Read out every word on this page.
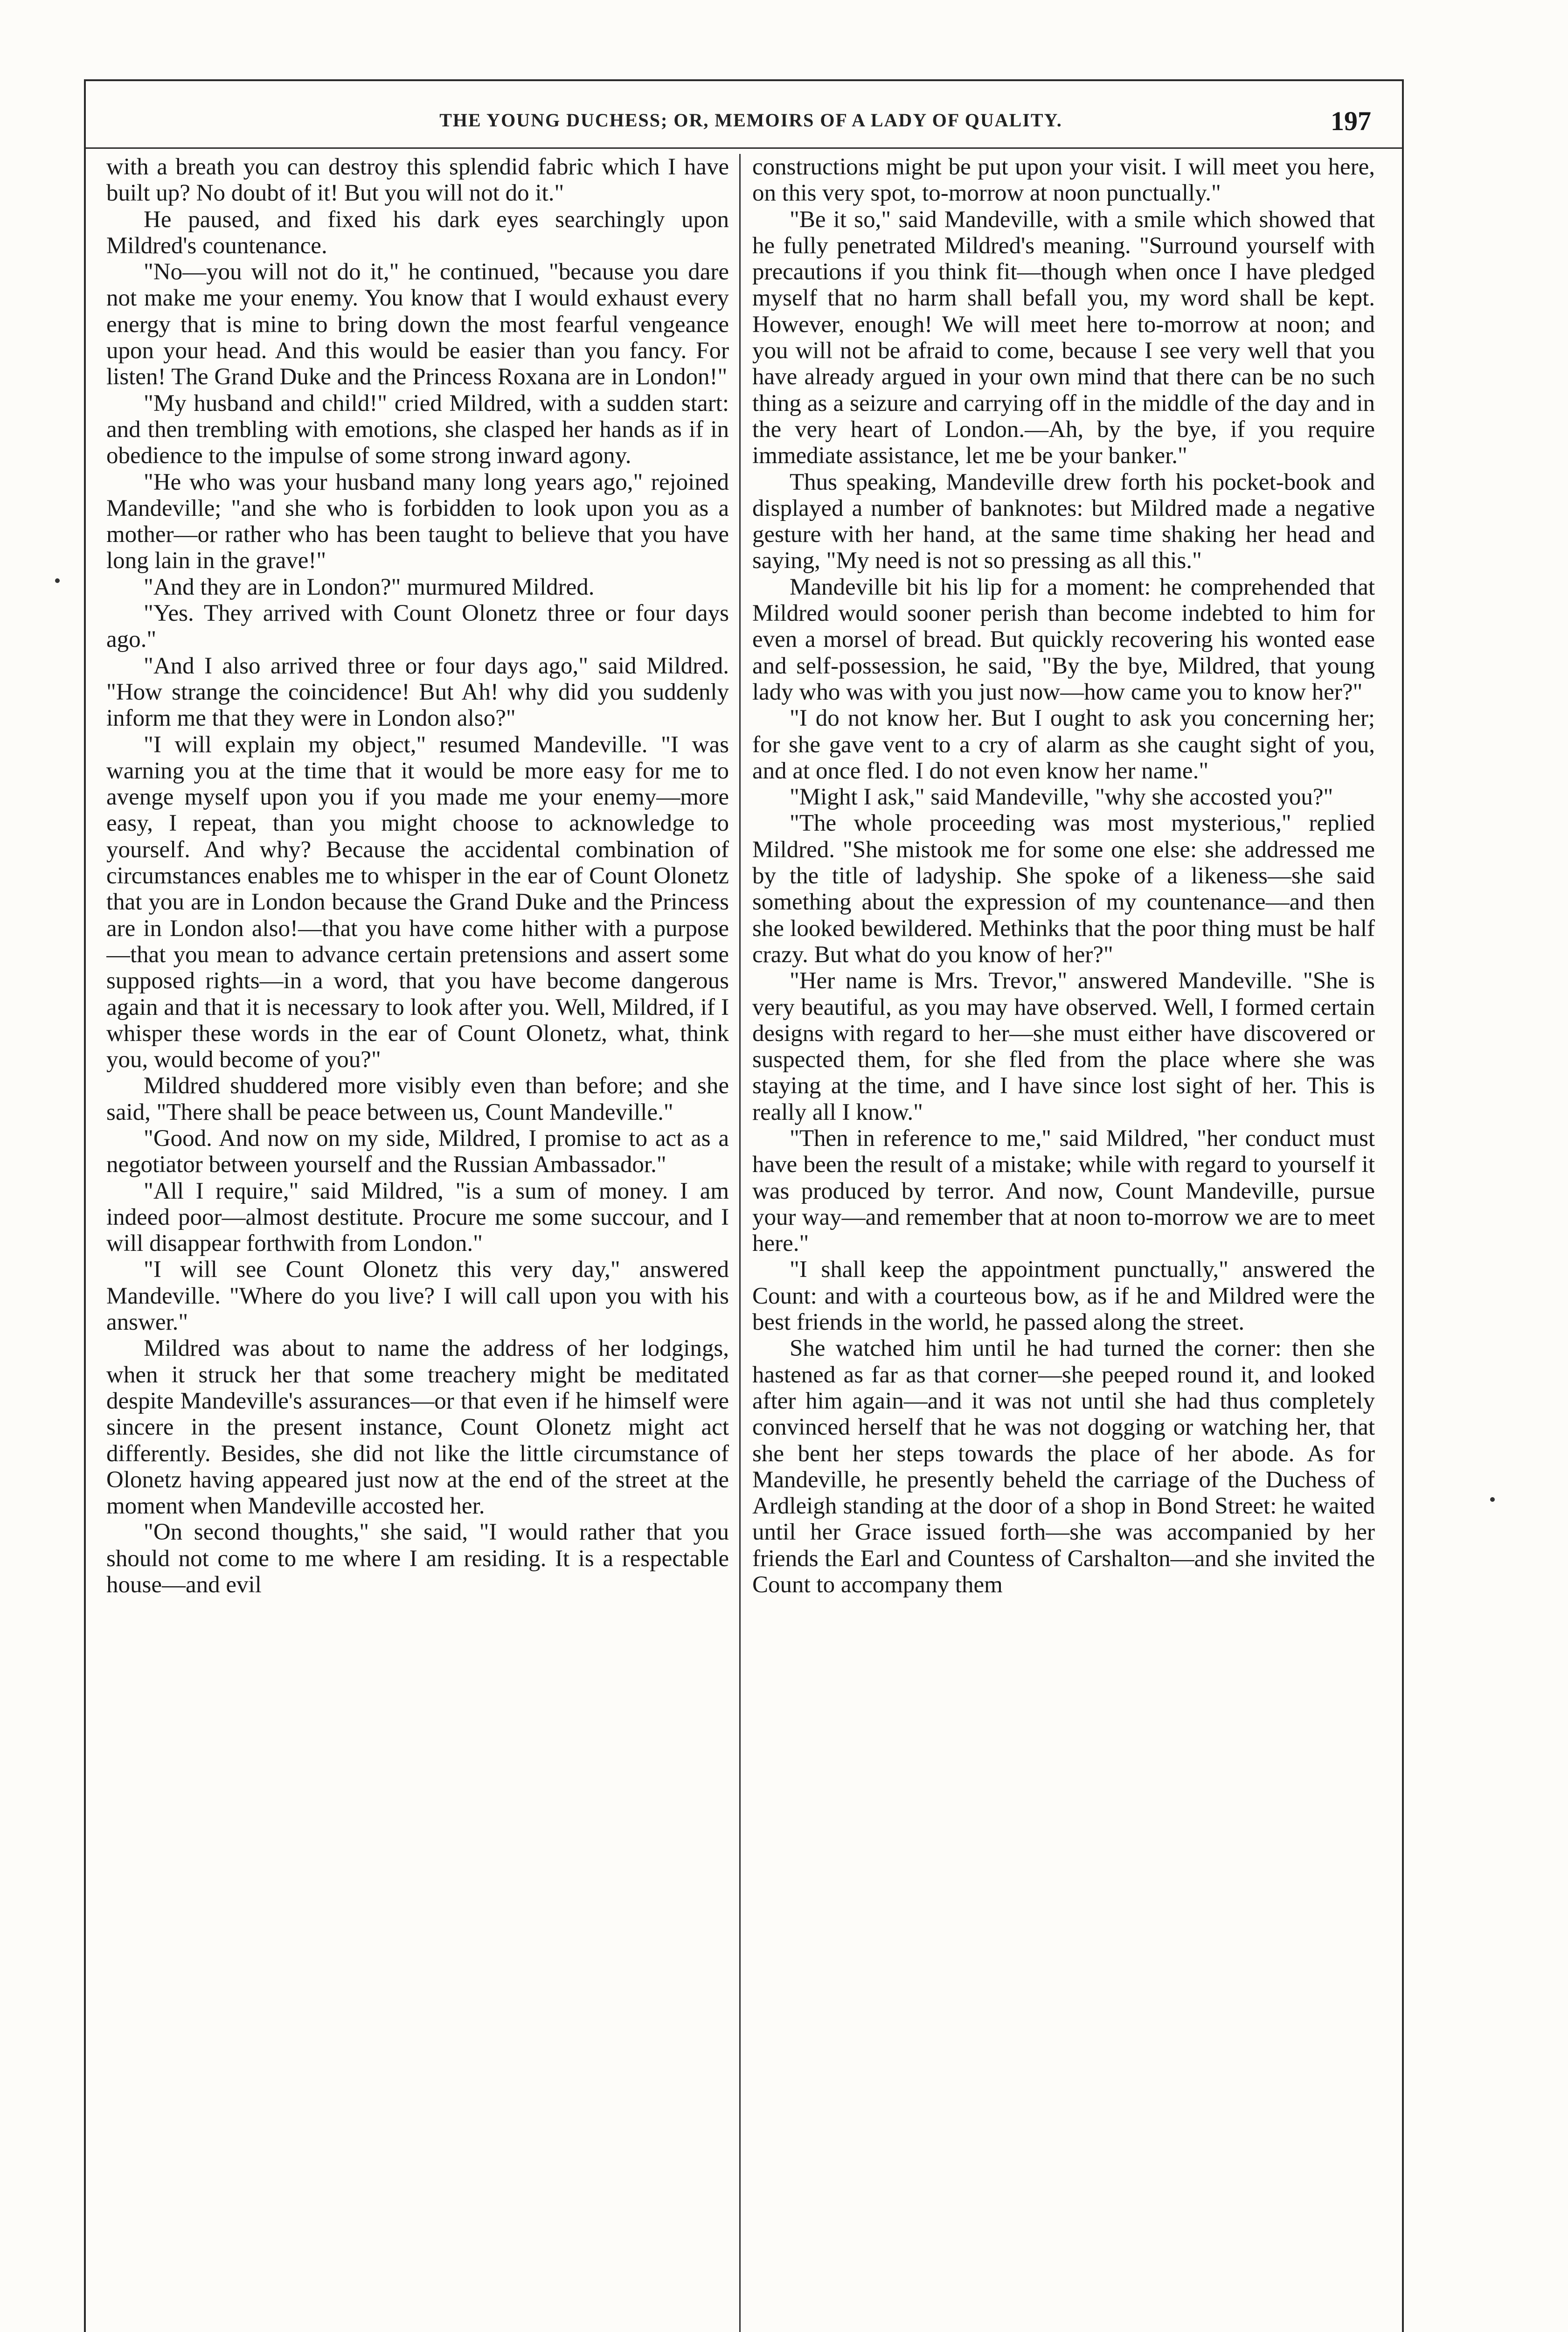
THE YOUNG DUCHESS; OR, MEMOIRS OF A LADY OF QUALITY.	197

with a breath you can destroy this splendid fabric which I have built up? No doubt of it! But you will not do it."

He paused, and fixed his dark eyes searchingly upon Mildred's countenance.

"No—you will not do it," he continued, "because you dare not make me your enemy. You know that I would exhaust every energy that is mine to bring down the most fearful vengeance upon your head. And this would be easier than you fancy. For listen! The Grand Duke and the Princess Roxana are in London!"

"My husband and child!" cried Mildred, with a sudden start: and then trembling with emotions, she clasped her hands as if in obedience to the impulse of some strong inward agony.

"He who was your husband many long years ago," rejoined Mandeville; "and she who is forbidden to look upon you as a mother—or rather who has been taught to believe that you have long lain in the grave!"

"And they are in London?" murmured Mildred.

"Yes. They arrived with Count Olonetz three or four days ago."

"And I also arrived three or four days ago," said Mildred. "How strange the coincidence! But Ah! why did you suddenly inform me that they were in London also?"

"I will explain my object," resumed Mandeville. "I was warning you at the time that it would be more easy for me to avenge myself upon you if you made me your enemy—more easy, I repeat, than you might choose to acknowledge to yourself. And why? Because the accidental combination of circumstances enables me to whisper in the ear of Count Olonetz that you are in London because the Grand Duke and the Princess are in London also!—that you have come hither with a purpose—that you mean to advance certain pretensions and assert some supposed rights—in a word, that you have become dangerous again and that it is necessary to look after you. Well, Mildred, if I whisper these words in the ear of Count Olonetz, what, think you, would become of you?"

Mildred shuddered more visibly even than before; and she said, "There shall be peace between us, Count Mandeville."

"Good. And now on my side, Mildred, I promise to act as a negotiator between yourself and the Russian Ambassador."

"All I require," said Mildred, "is a sum of money. I am indeed poor—almost destitute. Procure me some succour, and I will disappear forthwith from London."

"I will see Count Olonetz this very day," answered Mandeville. "Where do you live? I will call upon you with his answer."

Mildred was about to name the address of her lodgings, when it struck her that some treachery might be meditated despite Mandeville's assurances—or that even if he himself were sincere in the present instance, Count Olonetz might act differently. Besides, she did not like the little circumstance of Olonetz having appeared just now at the end of the street at the moment when Mandeville accosted her.

"On second thoughts," she said, "I would rather that you should not come to me where I am residing. It is a respectable house—and evil

constructions might be put upon your visit. I will meet you here, on this very spot, to-morrow at noon punctually."

"Be it so," said Mandeville, with a smile which showed that he fully penetrated Mildred's meaning. "Surround yourself with precautions if you think fit—though when once I have pledged myself that no harm shall befall you, my word shall be kept. However, enough! We will meet here to-morrow at noon; and you will not be afraid to come, because I see very well that you have already argued in your own mind that there can be no such thing as a seizure and carrying off in the middle of the day and in the very heart of London.—Ah, by the bye, if you require immediate assistance, let me be your banker."

Thus speaking, Mandeville drew forth his pocket-book and displayed a number of banknotes: but Mildred made a negative gesture with her hand, at the same time shaking her head and saying, "My need is not so pressing as all this."

Mandeville bit his lip for a moment: he comprehended that Mildred would sooner perish than become indebted to him for even a morsel of bread. But quickly recovering his wonted ease and self-possession, he said, "By the bye, Mildred, that young lady who was with you just now—how came you to know her?"

"I do not know her. But I ought to ask you concerning her; for she gave vent to a cry of alarm as she caught sight of you, and at once fled. I do not even know her name."

"Might I ask," said Mandeville, "why she accosted you?"

"The whole proceeding was most mysterious," replied Mildred. "She mistook me for some one else: she addressed me by the title of ladyship. She spoke of a likeness—she said something about the expression of my countenance—and then she looked bewildered. Methinks that the poor thing must be half crazy. But what do you know of her?"

"Her name is Mrs. Trevor," answered Mandeville. "She is very beautiful, as you may have observed. Well, I formed certain designs with regard to her—she must either have discovered or suspected them, for she fled from the place where she was staying at the time, and I have since lost sight of her. This is really all I know."

"Then in reference to me," said Mildred, "her conduct must have been the result of a mistake; while with regard to yourself it was produced by terror. And now, Count Mandeville, pursue your way—and remember that at noon to-morrow we are to meet here."

"I shall keep the appointment punctually," answered the Count: and with a courteous bow, as if he and Mildred were the best friends in the world, he passed along the street.

She watched him until he had turned the corner: then she hastened as far as that corner—she peeped round it, and looked after him again—and it was not until she had thus completely convinced herself that he was not dogging or watching her, that she bent her steps towards the place of her abode. As for Mandeville, he presently beheld the carriage of the Duchess of Ardleigh standing at the door of a shop in Bond Street: he waited until her Grace issued forth—she was accompanied by her friends the Earl and Countess of Carshalton—and she invited the Count to accompany them
